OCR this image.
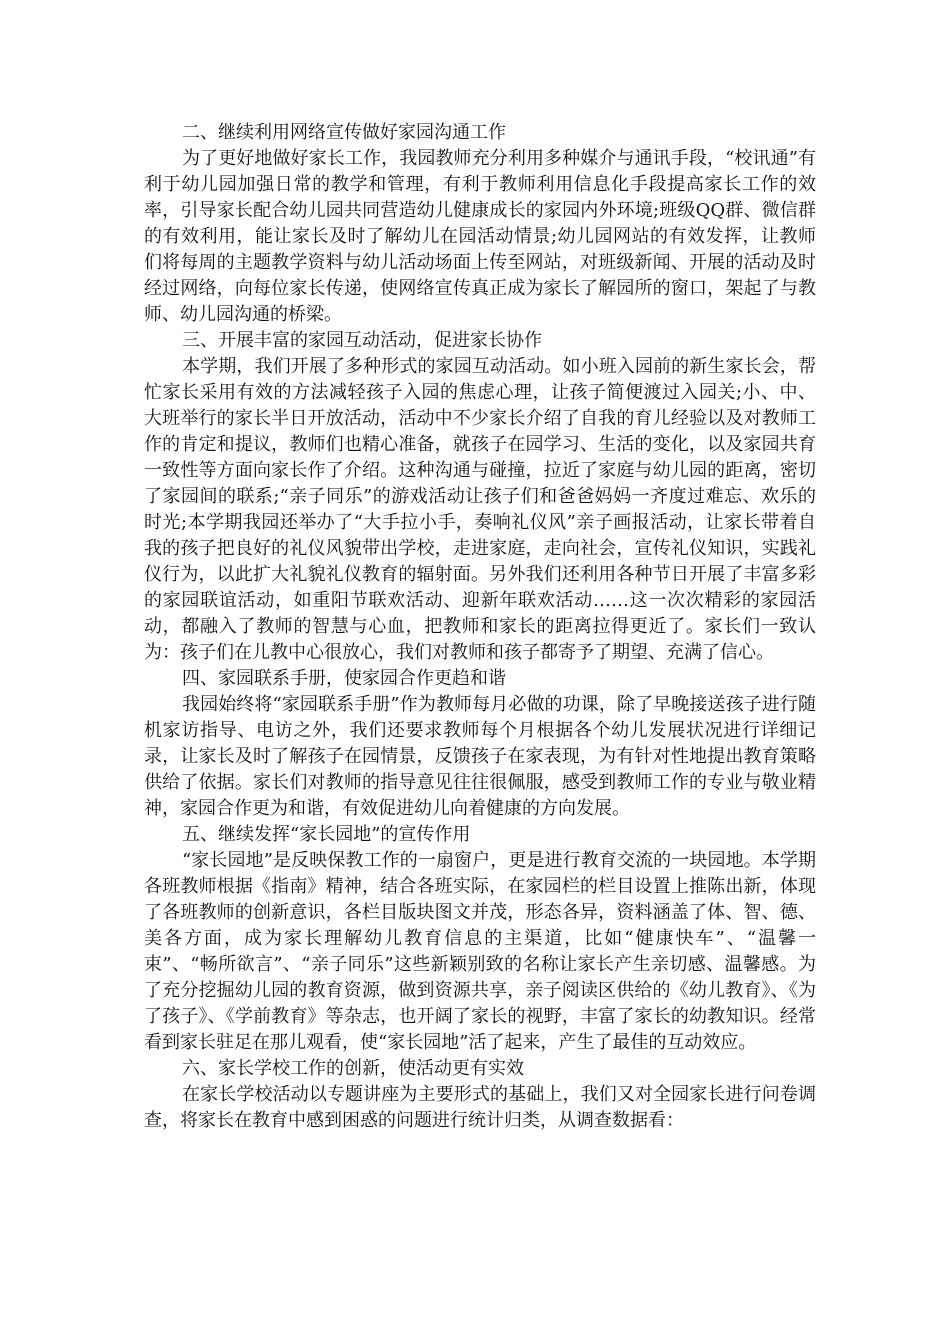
二、继续利用网络宣传做好家园沟通工作

为了更好地做好家长工作，我园教师充分利用多种媒介与通讯手段，“校讯通”有利于幼儿园加强日常的教学和管理，有利于教师利用信息化手段提高家长工作的效率，引导家长配合幼儿园共同营造幼儿健康成长的家园内外环境;班级QQ群、微信群的有效利用，能让家长及时了解幼儿在园活动情景;幼儿园网站的有效发挥，让教师们将每周的主题教学资料与幼儿活动场面上传至网站，对班级新闻、开展的活动及时经过网络，向每位家长传递，使网络宣传真正成为家长了解园所的窗口，架起了与教师、幼儿园沟通的桥梁。

三、开展丰富的家园互动活动，促进家长协作

本学期，我们开展了多种形式的家园互动活动。如小班入园前的新生家长会，帮忙家长采用有效的方法减轻孩子入园的焦虑心理，让孩子简便渡过入园关;小、中、大班举行的家长半日开放活动，活动中不少家长介绍了自我的育儿经验以及对教师工作的肯定和提议，教师们也精心准备，就孩子在园学习、生活的变化，以及家园共育一致性等方面向家长作了介绍。这种沟通与碰撞，拉近了家庭与幼儿园的距离，密切了家园间的联系;“亲子同乐”的游戏活动让孩子们和爸爸妈妈一齐度过难忘、欢乐的时光;本学期我园还举办了“大手拉小手，奏响礼仪风”亲子画报活动，让家长带着自我的孩子把良好的礼仪风貌带出学校，走进家庭，走向社会，宣传礼仪知识，实践礼仪行为，以此扩大礼貌礼仪教育的辐射面。另外我们还利用各种节日开展了丰富多彩的家园联谊活动，如重阳节联欢活动、迎新年联欢活动……这一次次精彩的家园活动，都融入了教师的智慧与心血，把教师和家长的距离拉得更近了。家长们一致认为：孩子们在儿教中心很放心，我们对教师和孩子都寄予了期望、充满了信心。

四、家园联系手册，使家园合作更趋和谐

我园始终将“家园联系手册”作为教师每月必做的功课，除了早晚接送孩子进行随机家访指导、电访之外，我们还要求教师每个月根据各个幼儿发展状况进行详细记录，让家长及时了解孩子在园情景，反馈孩子在家表现，为有针对性地提出教育策略供给了依据。家长们对教师的指导意见往往很佩服，感受到教师工作的专业与敬业精神，家园合作更为和谐，有效促进幼儿向着健康的方向发展。

五、继续发挥“家长园地”的宣传作用

“家长园地”是反映保教工作的一扇窗户，更是进行教育交流的一块园地。本学期各班教师根据《指南》精神，结合各班实际，在家园栏的栏目设置上推陈出新，体现了各班教师的创新意识，各栏目版块图文并茂，形态各异，资料涵盖了体、智、德、美各方面，成为家长理解幼儿教育信息的主渠道，比如“健康快车”、“温馨一束”、“畅所欲言”、“亲子同乐”这些新颖别致的名称让家长产生亲切感、温馨感。为了充分挖掘幼儿园的教育资源，做到资源共享，亲子阅读区供给的《幼儿教育》、《为了孩子》、《学前教育》等杂志，也开阔了家长的视野，丰富了家长的幼教知识。经常看到家长驻足在那儿观看，使“家长园地”活了起来，产生了最佳的互动效应。

六、家长学校工作的创新，使活动更有实效

在家长学校活动以专题讲座为主要形式的基础上，我们又对全园家长进行问卷调查，将家长在教育中感到困惑的问题进行统计归类，从调查数据看：
